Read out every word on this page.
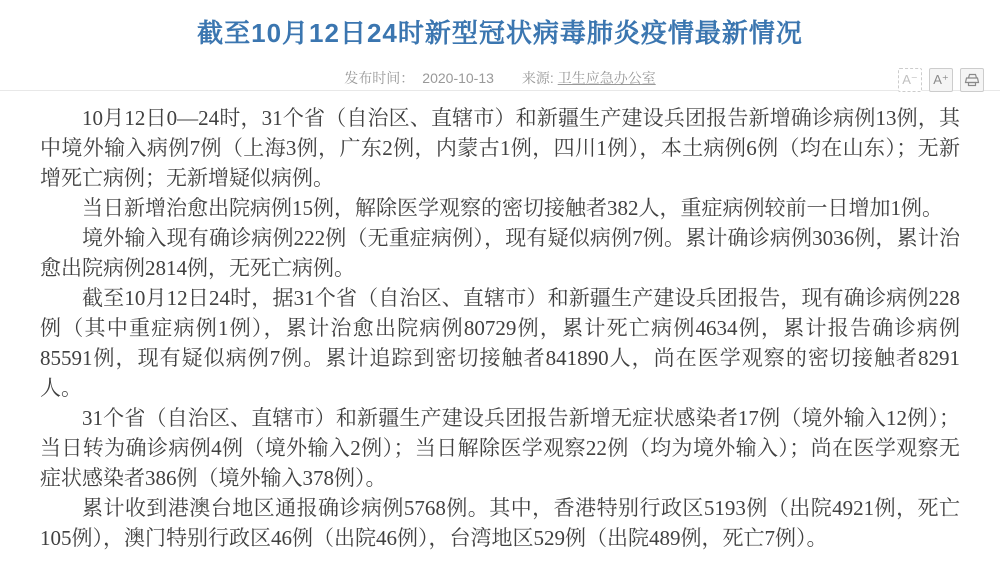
截至10月12日24时新型冠状病毒肺炎疫情最新情况
发布时间： 2020-10-13 来源: 卫生应急办公室	A⁻ A⁺

10月12日0—24时，31个省（自治区、直辖市）和新疆生产建设兵团报告新增确诊病例13例，其中境外输入病例7例（上海3例，广东2例，内蒙古1例，四川1例），本土病例6例（均在山东）；无新增死亡病例；无新增疑似病例。

当日新增治愈出院病例15例，解除医学观察的密切接触者382人，重症病例较前一日增加1例。

境外输入现有确诊病例222例（无重症病例），现有疑似病例7例。累计确诊病例3036例，累计治愈出院病例2814例，无死亡病例。

截至10月12日24时，据31个省（自治区、直辖市）和新疆生产建设兵团报告，现有确诊病例228例（其中重症病例1例），累计治愈出院病例80729例，累计死亡病例4634例，累计报告确诊病例85591例，现有疑似病例7例。累计追踪到密切接触者841890人，尚在医学观察的密切接触者8291人。

31个省（自治区、直辖市）和新疆生产建设兵团报告新增无症状感染者17例（境外输入12例）；当日转为确诊病例4例（境外输入2例）；当日解除医学观察22例（均为境外输入）；尚在医学观察无症状感染者386例（境外输入378例）。

累计收到港澳台地区通报确诊病例5768例。其中，香港特别行政区5193例（出院4921例，死亡105例），澳门特别行政区46例（出院46例），台湾地区529例（出院489例，死亡7例）。
